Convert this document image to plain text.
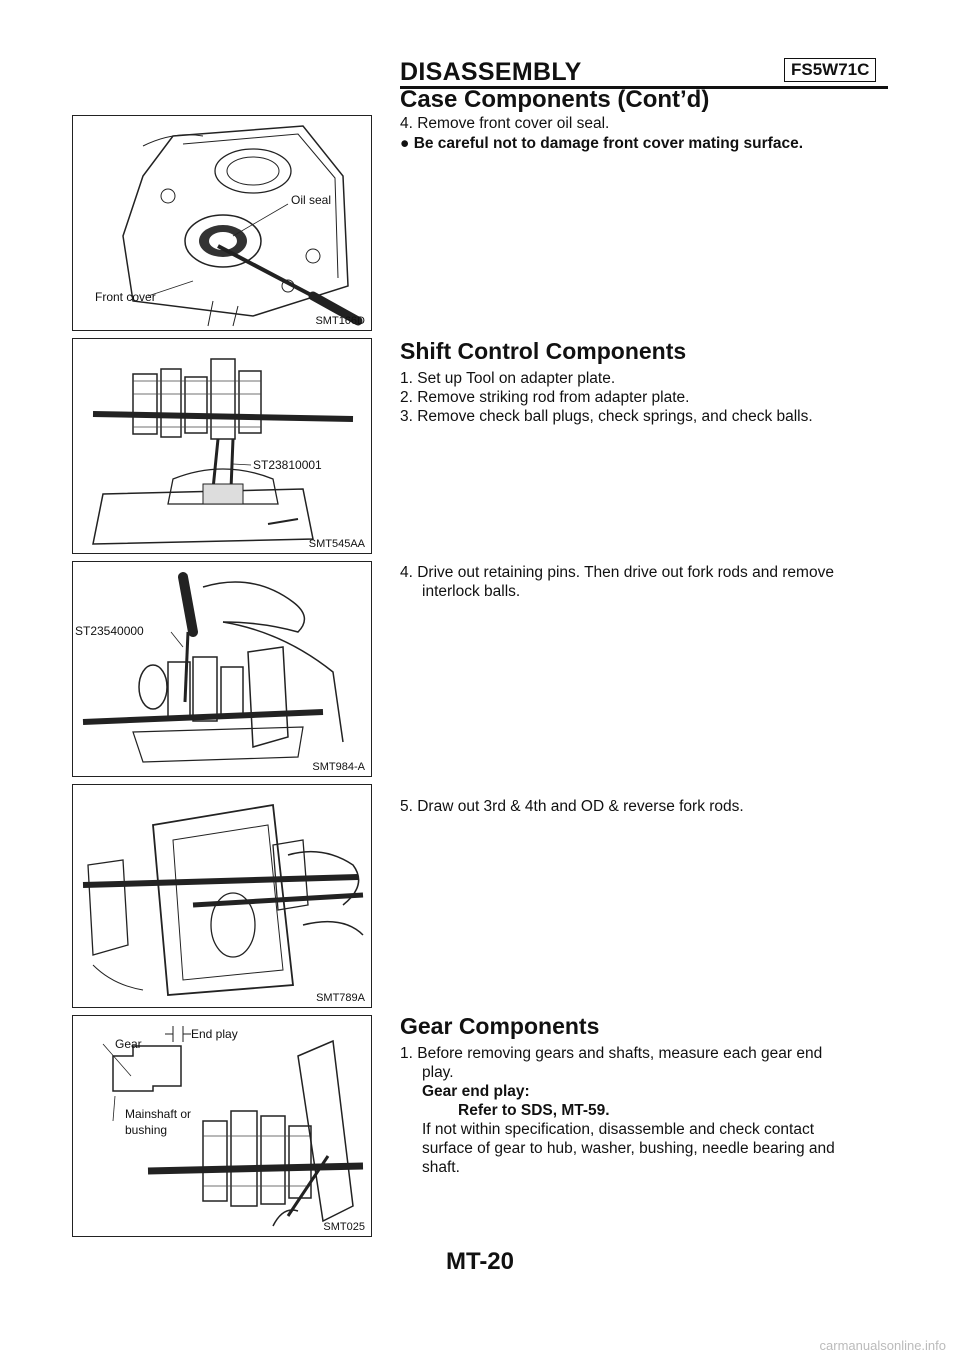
DISASSEMBLY	FS5W71C
Case Components (Cont’d)
Oil seal
Front cover
SMT166D
ST23810001
SMT545AA
ST23540000
SMT984-A
SMT789A
End play
Gear
Mainshaft or
bushing
SMT025
4. Remove front cover oil seal.
● Be careful not to damage front cover mating surface.
Shift Control Components
1. Set up Tool on adapter plate.
2. Remove striking rod from adapter plate.
3. Remove check ball plugs, check springs, and check balls.
4. Drive out retaining pins. Then drive out fork rods and remove
interlock balls.
5. Draw out 3rd & 4th and OD & reverse fork rods.
Gear Components
1. Before removing gears and shafts, measure each gear end
play.
Gear end play:
Refer to SDS, MT-59.
If not within specification, disassemble and check contact
surface of gear to hub, washer, bushing, needle bearing and
shaft.
MT-20
carmanualsonline.info
